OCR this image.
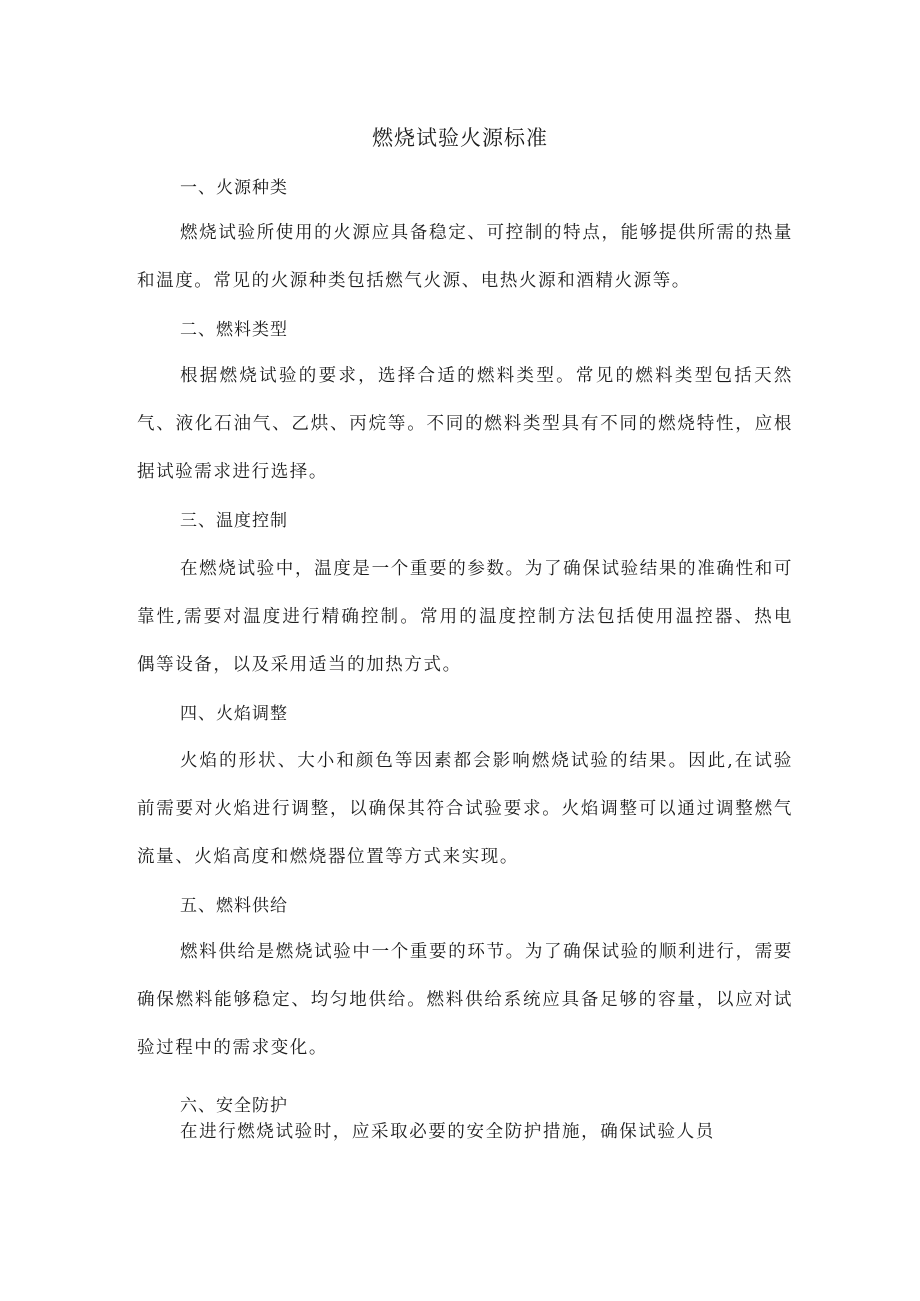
燃烧试验火源标准
一、火源种类

燃烧试验所使用的火源应具备稳定、可控制的特点，能够提供所需的热量和温度。常见的火源种类包括燃气火源、电热火源和酒精火源等。

二、燃料类型

根据燃烧试验的要求，选择合适的燃料类型。常见的燃料类型包括天然气、液化石油气、乙烘、丙烷等。不同的燃料类型具有不同的燃烧特性，应根据试验需求进行选择。

三、温度控制

在燃烧试验中，温度是一个重要的参数。为了确保试验结果的准确性和可靠性,需要对温度进行精确控制。常用的温度控制方法包括使用温控器、热电偶等设备，以及采用适当的加热方式。

四、火焰调整

火焰的形状、大小和颜色等因素都会影响燃烧试验的结果。因此,在试验前需要对火焰进行调整，以确保其符合试验要求。火焰调整可以通过调整燃气流量、火焰高度和燃烧器位置等方式来实现。

五、燃料供给

燃料供给是燃烧试验中一个重要的环节。为了确保试验的顺利进行，需要确保燃料能够稳定、均匀地供给。燃料供给系统应具备足够的容量，以应对试验过程中的需求变化。

六、安全防护

在进行燃烧试验时，应采取必要的安全防护措施，确保试验人员
